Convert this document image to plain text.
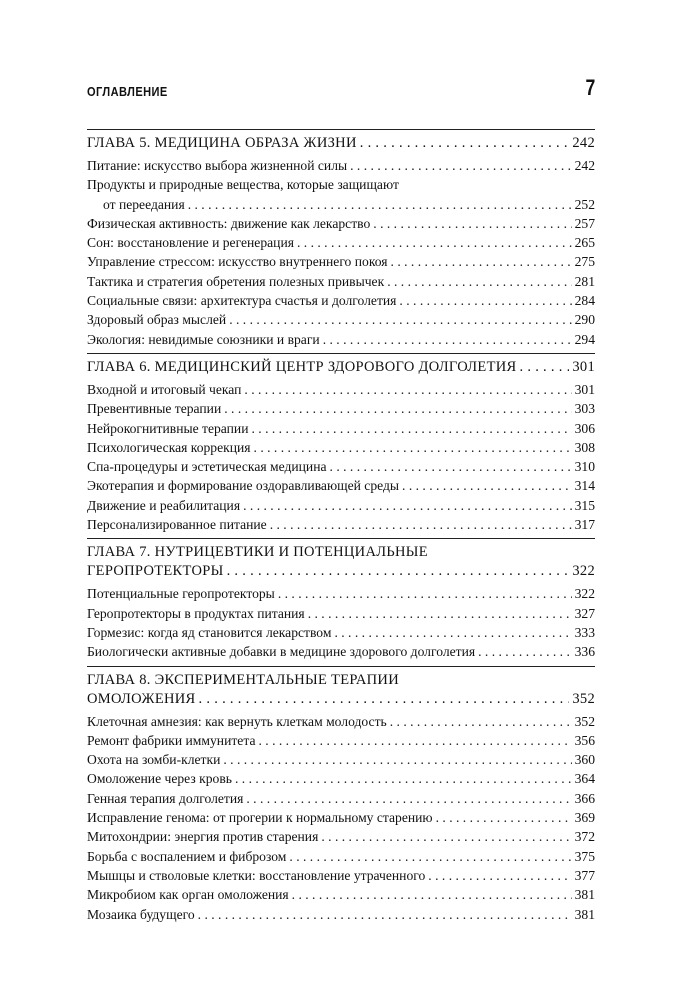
ОГЛАВЛЕНИЕ	7
ГЛАВА 5. МЕДИЦИНА ОБРАЗА ЖИЗНИ . . .	242
Питание: искусство выбора жизненной силы . . .	242
Продукты и природные вещества, которые защищают
от переедания . . .	252
Физическая активность: движение как лекарство . . .	257
Сон: восстановление и регенерация . . .	265
Управление стрессом: искусство внутреннего покоя . . .	275
Тактика и стратегия обретения полезных привычек . . .	281
Социальные связи: архитектура счастья и долголетия . . .	284
Здоровый образ мыслей . . .	290
Экология: невидимые союзники и враги . . .	294
ГЛАВА 6. МЕДИЦИНСКИЙ ЦЕНТР ЗДОРОВОГО ДОЛГОЛЕТИЯ . . .	301
Входной и итоговый чекап . . .	301
Превентивные терапии . . .	303
Нейрокогнитивные терапии . . .	306
Психологическая коррекция . . .	308
Спа-процедуры и эстетическая медицина . . .	310
Экотерапия и формирование оздоравливающей среды . . .	314
Движение и реабилитация . . .	315
Персонализированное питание . . .	317
ГЛАВА 7. НУТРИЦЕВТИКИ И ПОТЕНЦИАЛЬНЫЕ
ГЕРОПРОТЕКТОРЫ . . .	322
Потенциальные геропротекторы . . .	322
Геропротекторы в продуктах питания . . .	327
Гормезис: когда яд становится лекарством . . .	333
Биологически активные добавки в медицине здорового долголетия . . .	336
ГЛАВА 8. ЭКСПЕРИМЕНТАЛЬНЫЕ ТЕРАПИИ
ОМОЛОЖЕНИЯ . . .	352
Клеточная амнезия: как вернуть клеткам молодость . . .	352
Ремонт фабрики иммунитета . . .	356
Охота на зомби-клетки . . .	360
Омоложение через кровь . . .	364
Генная терапия долголетия . . .	366
Исправление генома: от прогерии к нормальному старению . . .	369
Митохондрии: энергия против старения . . .	372
Борьба с воспалением и фиброзом . . .	375
Мышцы и стволовые клетки: восстановление утраченного . . .	377
Микробиом как орган омоложения . . .	381
Мозаика будущего . . .	381
